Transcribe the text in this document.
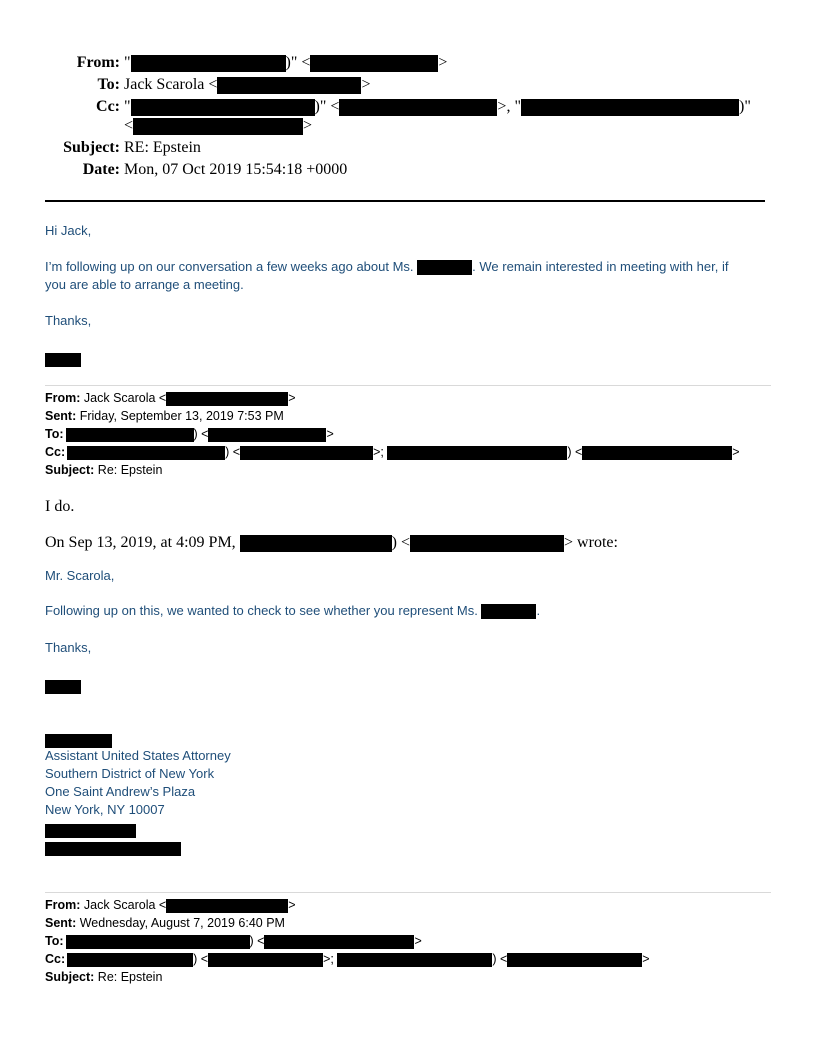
From: "	)" <	>
To: Jack Scarola <	>
Cc: "	)" <	>, "	)"
<	>
Subject: RE: Epstein
Date: Mon, 07 Oct 2019 15:54:18 +0000
Hi Jack,
I’m following up on our conversation a few weeks ago about Ms.	. We remain interested in meeting with her, if
you are able to arrange a meeting.
Thanks,
From: Jack Scarola <	>
Sent: Friday, September 13, 2019 7:53 PM
To:	) <	>
Cc:	) <	>;	) <	>
Subject: Re: Epstein
I do.
On Sep 13, 2019, at 4:09 PM,	) <	> wrote:
Mr. Scarola,
Following up on this, we wanted to check to see whether you represent Ms.	.
Thanks,
Assistant United States Attorney
Southern District of New York
One Saint Andrew’s Plaza
New York, NY 10007
From: Jack Scarola <	>
Sent: Wednesday, August 7, 2019 6:40 PM
To:	) <	>
Cc:	) <	>;	) <	>
Subject: Re: Epstein
